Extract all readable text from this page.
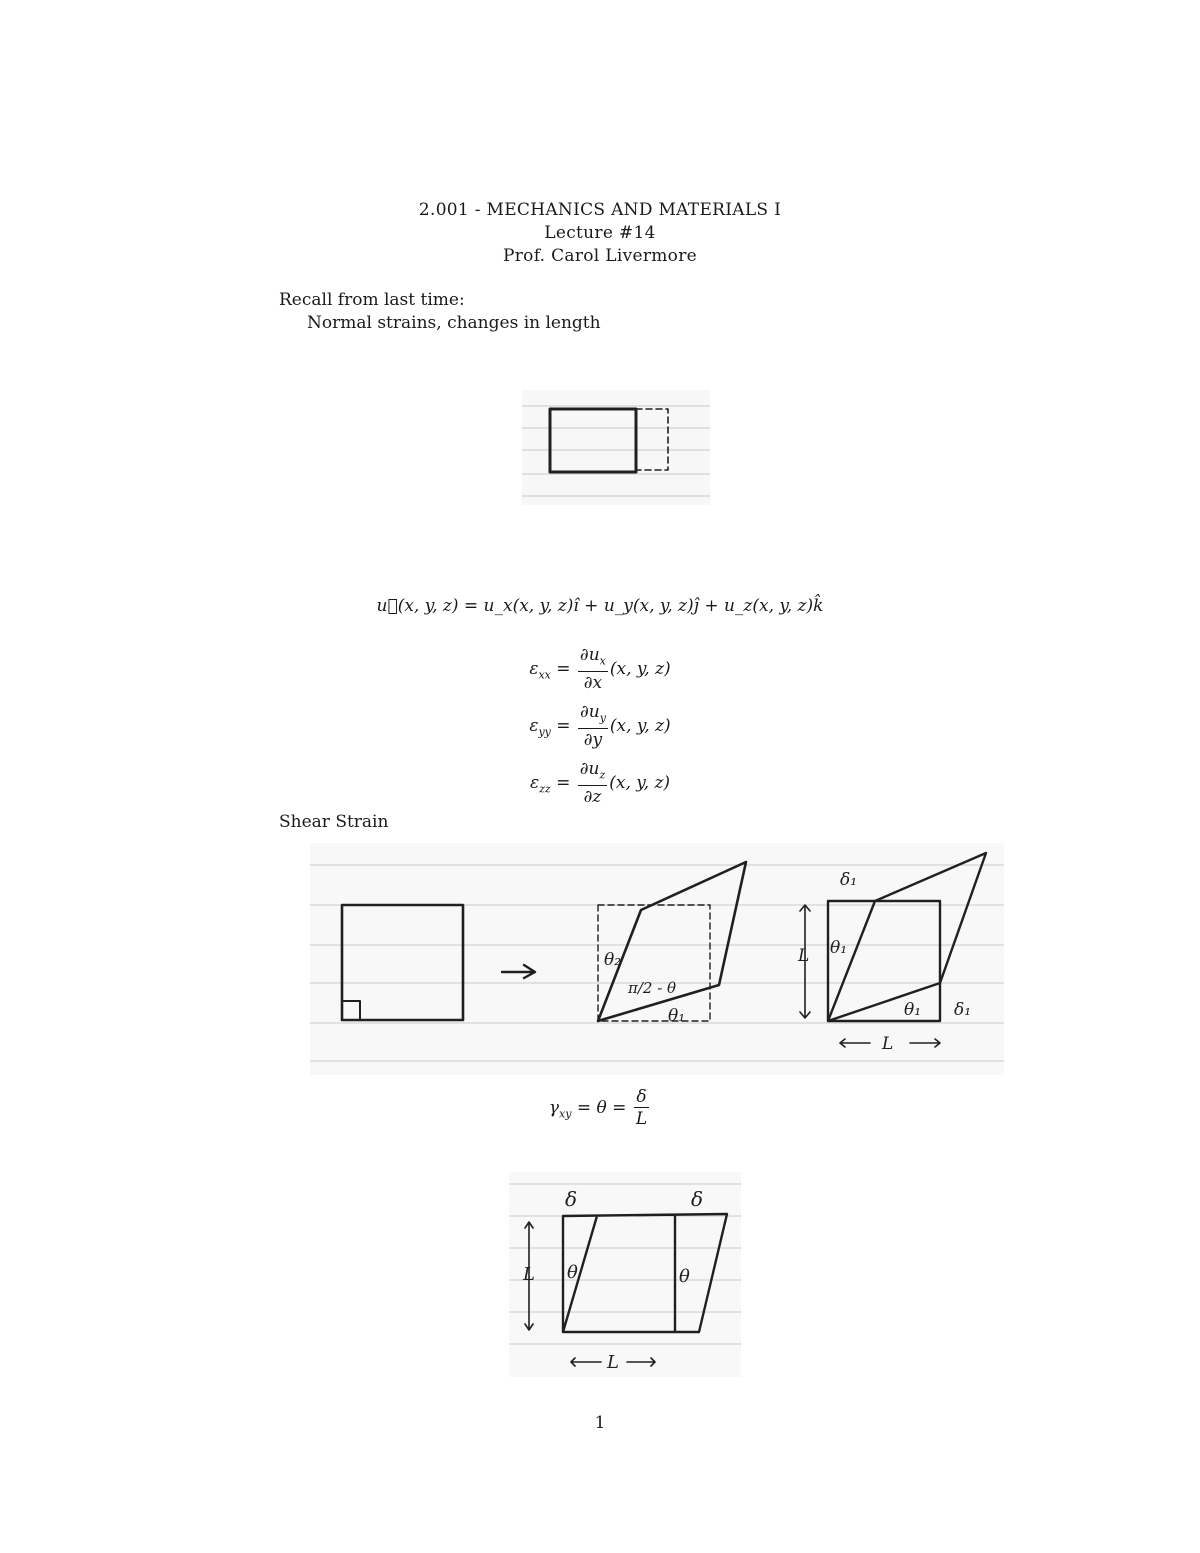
2.001 - MECHANICS AND MATERIALS I
Lecture #14
Prof. Carol Livermore
Recall from last time:
Normal strains, changes in length
u⃗(x, y, z) = u_x(x, y, z)î + u_y(x, y, z)ĵ + u_z(x, y, z)k̂
$\varepsilon_{xx} = \frac{\partial u_x}{\partial x} (x$, y, z)
$\varepsilon_{yy} = \frac{\partial u_y}{\partial y} (x$, y, z)
$\varepsilon_{zz} = \frac{\partial u_z}{\partial z} (x$, y, z)
Shear Strain
θ₂
π/2 - θ
θ₁
δ₁
L θ₁
θ₁ δ₁
L
$\gamma_{xy} = \theta = \frac{\delta}{L}$
δ	δ
L θ	θ
L
1
